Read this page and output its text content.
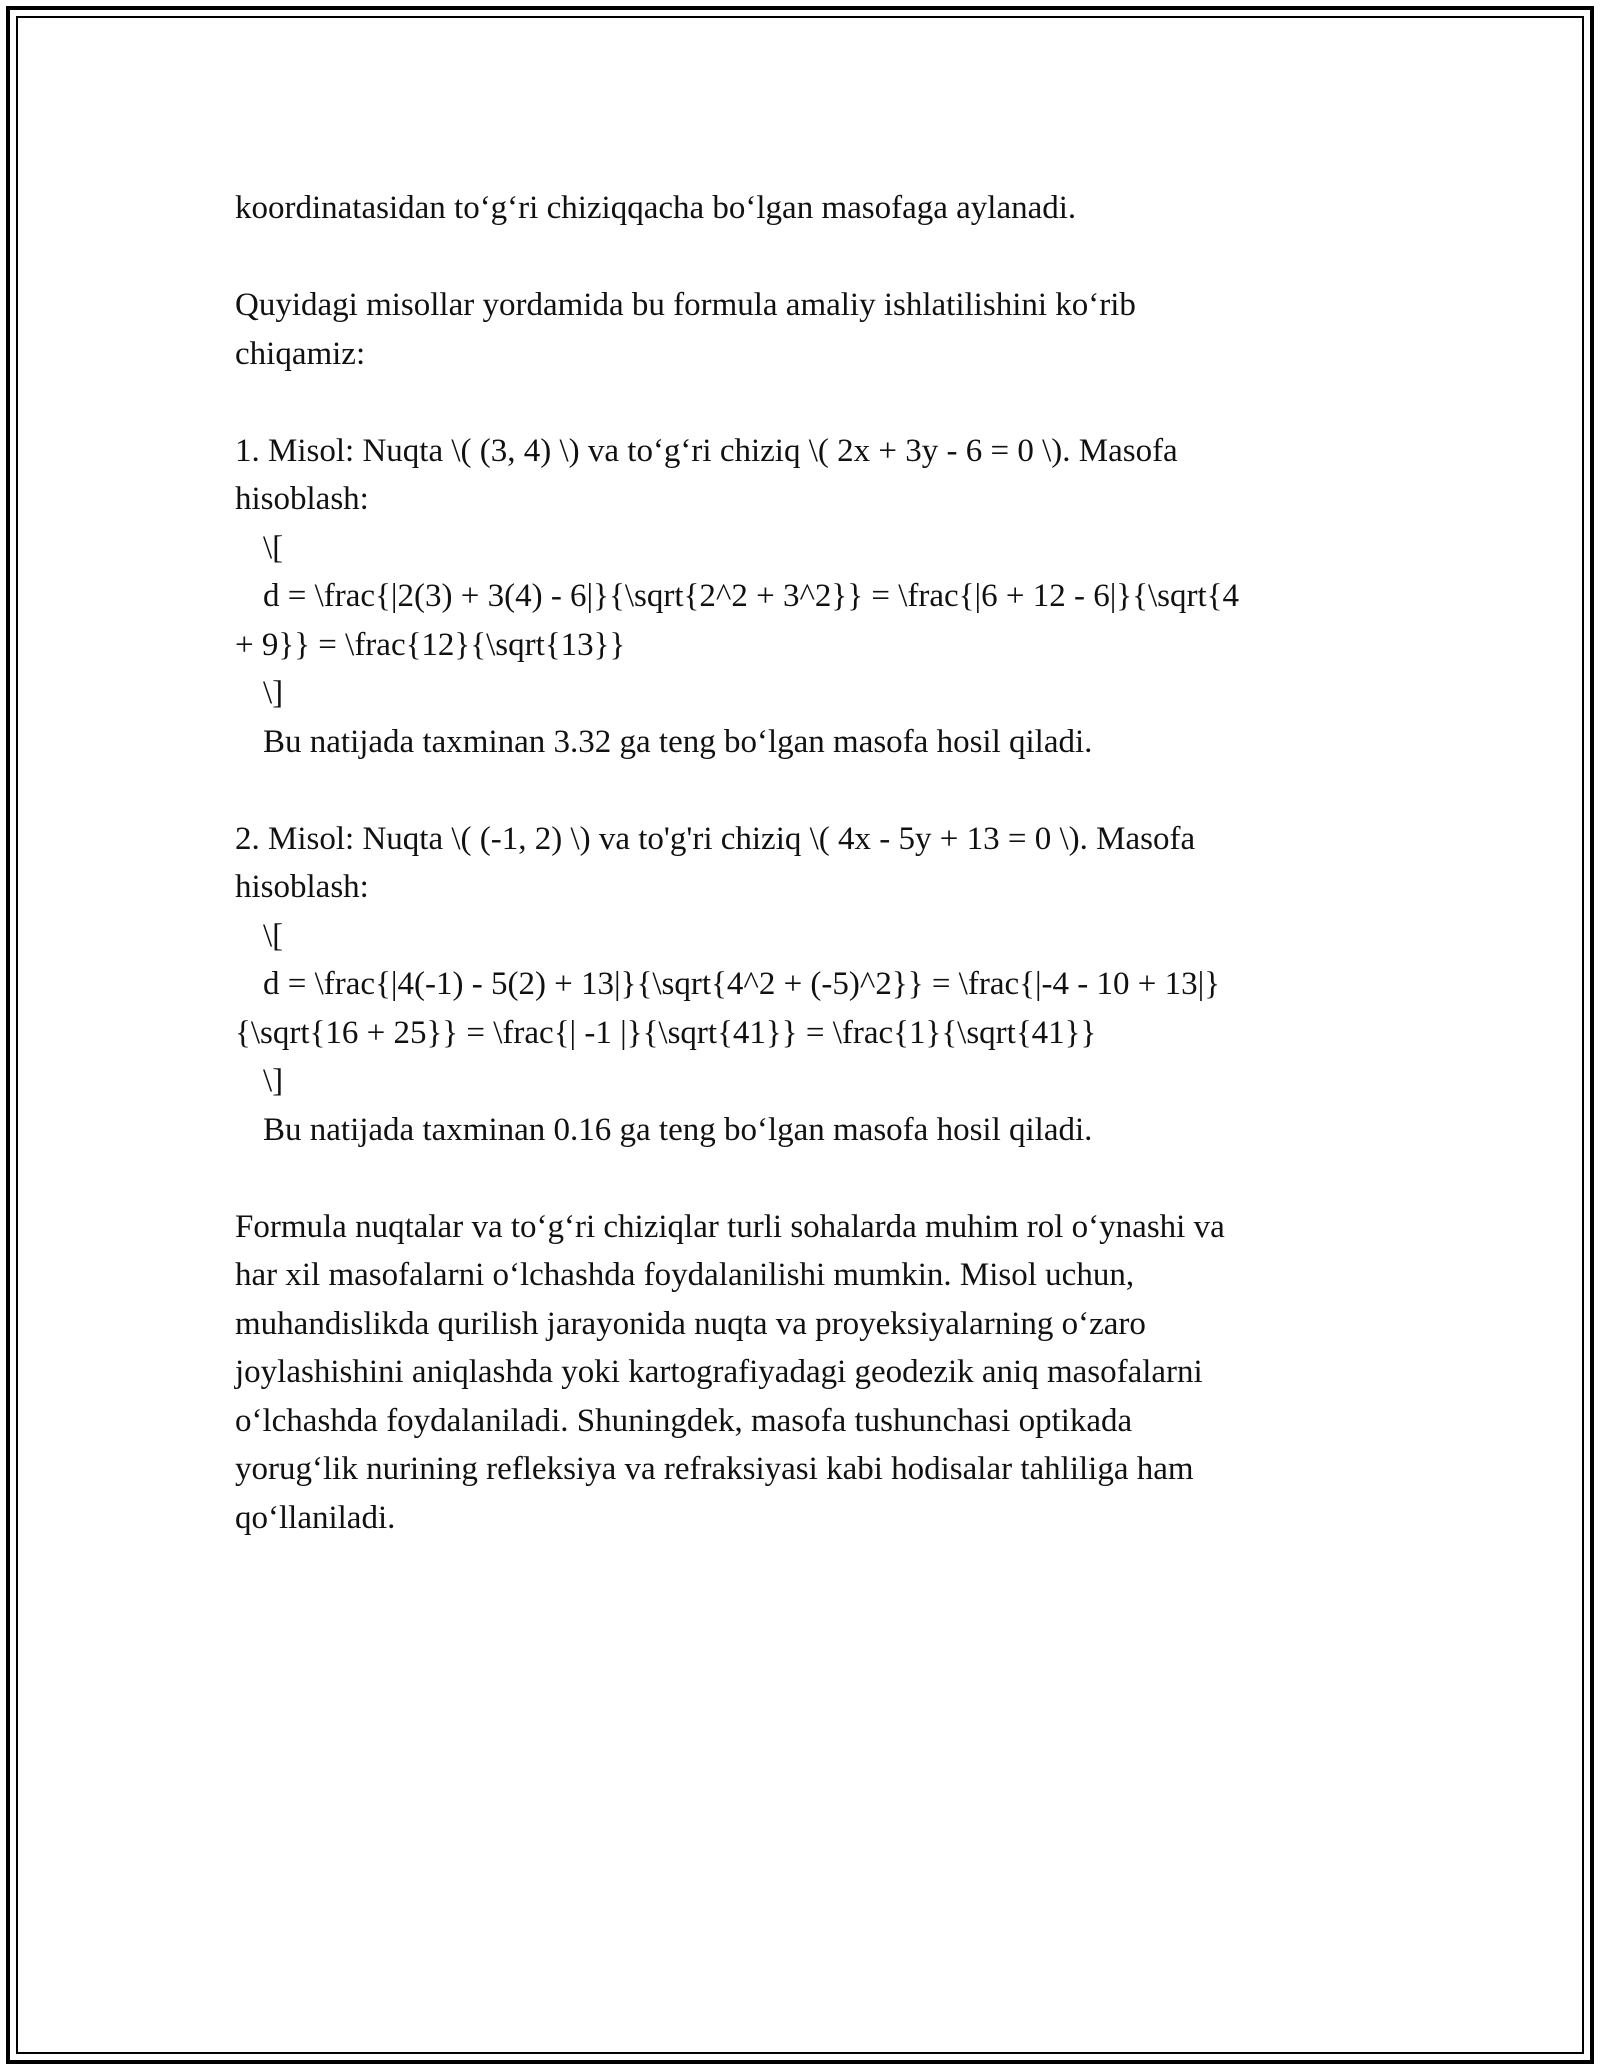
koordinatasidan to‘g‘ri chiziqqacha bo‘lgan masofaga aylanadi.

Quyidagi misollar yordamida bu formula amaliy ishlatilishini ko‘rib
chiqamiz:

1. Misol: Nuqta \( (3, 4) \) va to‘g‘ri chiziq \( 2x + 3y - 6 = 0 \). Masofa
hisoblash:
\[
d = \frac{|2(3) + 3(4) - 6|}{\sqrt{2^2 + 3^2}} = \frac{|6 + 12 - 6|}{\sqrt{4
+ 9}} = \frac{12}{\sqrt{13}}
\]
Bu natijada taxminan 3.32 ga teng bo‘lgan masofa hosil qiladi.
2. Misol: Nuqta \( (-1, 2) \) va to'g'ri chiziq \( 4x - 5y + 13 = 0 \). Masofa
hisoblash:
\[
d = \frac{|4(-1) - 5(2) + 13|}{\sqrt{4^2 + (-5)^2}} = \frac{|-4 - 10 + 13|}
{\sqrt{16 + 25}} = \frac{| -1 |}{\sqrt{41}} = \frac{1}{\sqrt{41}}
\]
Bu natijada taxminan 0.16 ga teng bo‘lgan masofa hosil qiladi.

Formula nuqtalar va to‘g‘ri chiziqlar turli sohalarda muhim rol o‘ynashi va
har xil masofalarni o‘lchashda foydalanilishi mumkin. Misol uchun,
muhandislikda qurilish jarayonida nuqta va proyeksiyalarning o‘zaro
joylashishini aniqlashda yoki kartografiyadagi geodezik aniq masofalarni
o‘lchashda foydalaniladi. Shuningdek, masofa tushunchasi optikada
yorug‘lik nurining refleksiya va refraksiyasi kabi hodisalar tahliliga ham
qo‘llaniladi.
